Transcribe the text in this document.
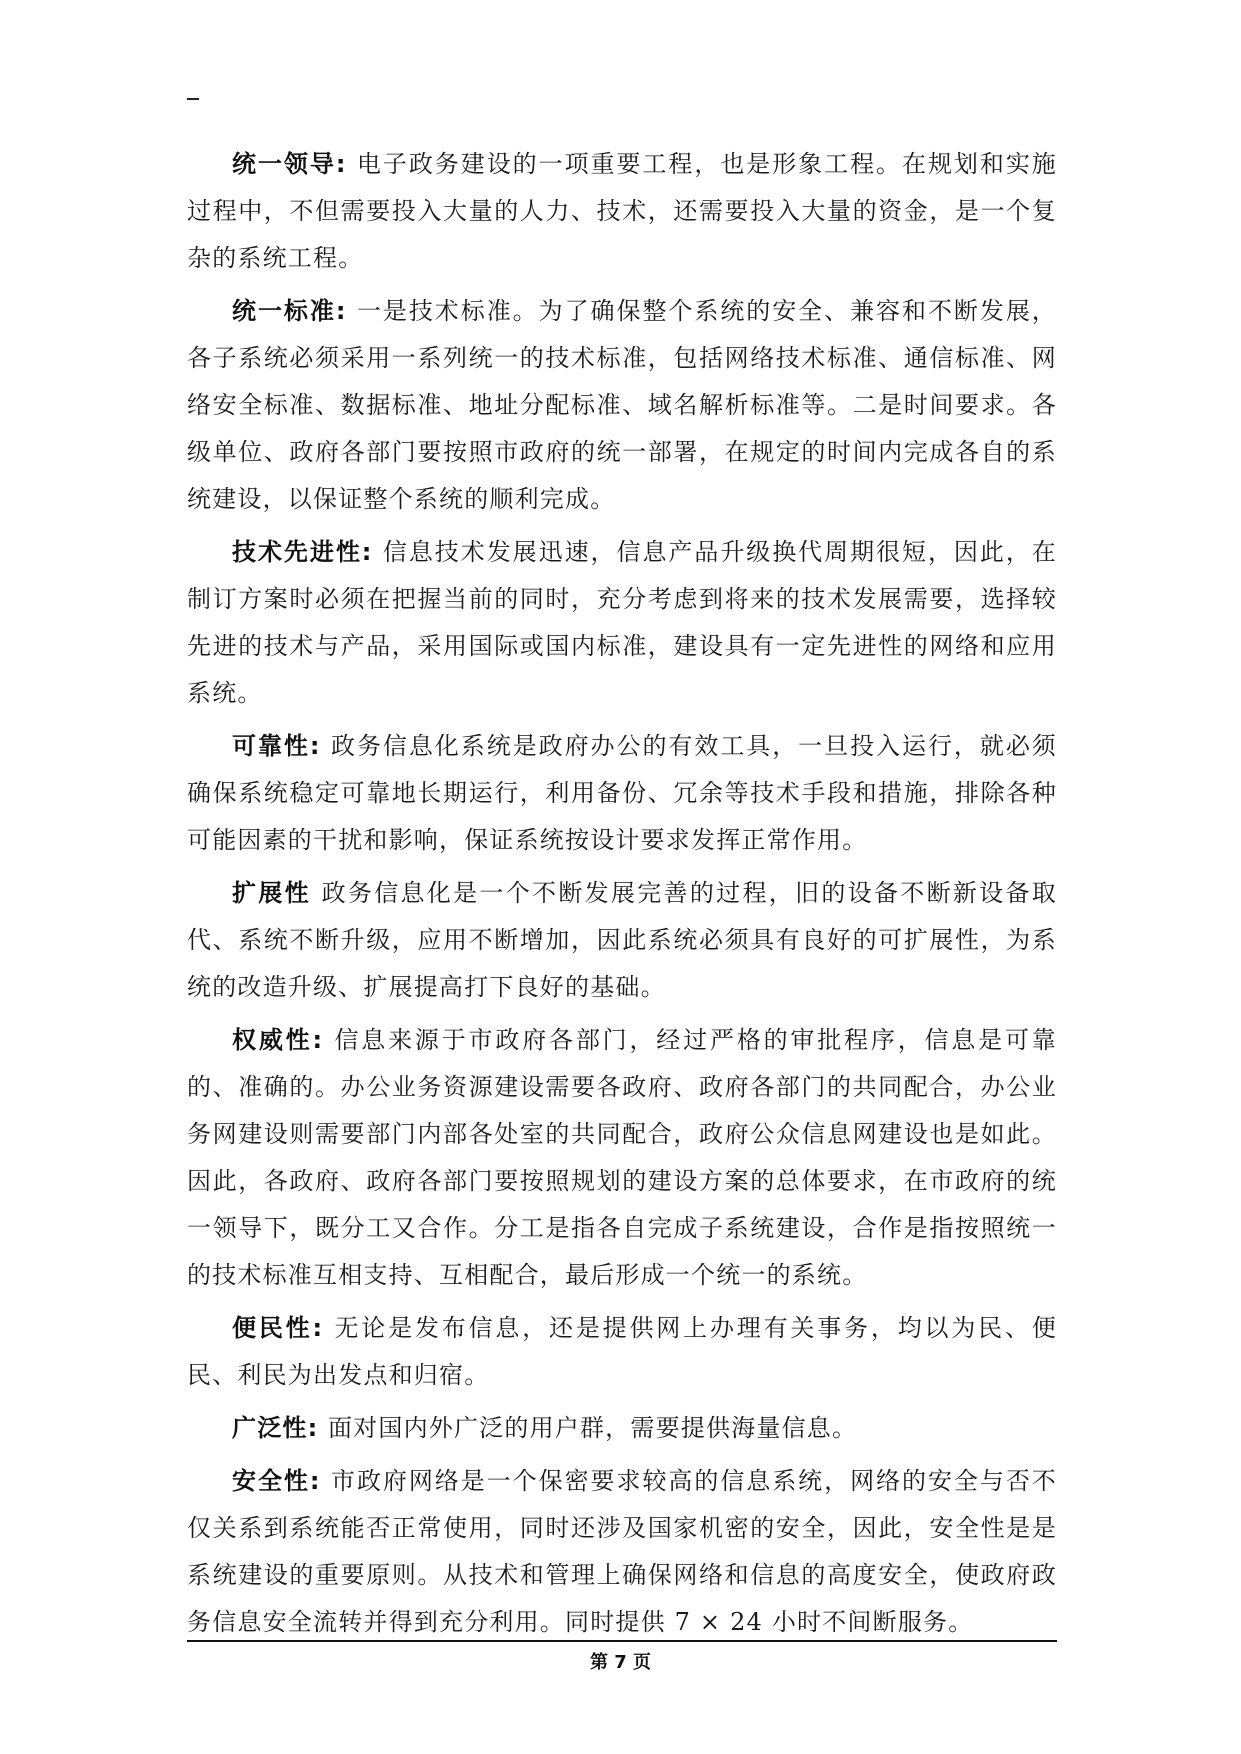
统一领导: 电子政务建设的一项重要工程，也是形象工程。在规划和实施过程中，不但需要投入大量的人力、技术，还需要投入大量的资金，是一个复杂的系统工程。

统一标准: 一是技术标准。为了确保整个系统的安全、兼容和不断发展，各子系统必须采用一系列统一的技术标准，包括网络技术标准、通信标准、网络安全标准、数据标准、地址分配标准、域名解析标准等。二是时间要求。各级单位、政府各部门要按照市政府的统一部署，在规定的时间内完成各自的系统建设，以保证整个系统的顺利完成。

技术先进性: 信息技术发展迅速，信息产品升级换代周期很短，因此，在制订方案时必须在把握当前的同时，充分考虑到将来的技术发展需要，选择较先进的技术与产品，采用国际或国内标准，建设具有一定先进性的网络和应用系统。

可靠性: 政务信息化系统是政府办公的有效工具，一旦投入运行，就必须确保系统稳定可靠地长期运行，利用备份、冗余等技术手段和措施，排除各种可能因素的干扰和影响，保证系统按设计要求发挥正常作用。

扩展性 政务信息化是一个不断发展完善的过程，旧的设备不断新设备取代、系统不断升级，应用不断增加，因此系统必须具有良好的可扩展性，为系统的改造升级、扩展提高打下良好的基础。

权威性: 信息来源于市政府各部门，经过严格的审批程序，信息是可靠的、准确的。办公业务资源建设需要各政府、政府各部门的共同配合，办公业务网建设则需要部门内部各处室的共同配合，政府公众信息网建设也是如此。因此，各政府、政府各部门要按照规划的建设方案的总体要求，在市政府的统一领导下，既分工又合作。分工是指各自完成子系统建设，合作是指按照统一的技术标准互相支持、互相配合，最后形成一个统一的系统。

便民性: 无论是发布信息，还是提供网上办理有关事务，均以为民、便民、利民为出发点和归宿。

广泛性: 面对国内外广泛的用户群，需要提供海量信息。

安全性: 市政府网络是一个保密要求较高的信息系统，网络的安全与否不仅关系到系统能否正常使用，同时还涉及国家机密的安全，因此，安全性是是系统建设的重要原则。从技术和管理上确保网络和信息的高度安全，使政府政务信息安全流转并得到充分利用。同时提供 7 × 24 小时不间断服务。

第 7 页
